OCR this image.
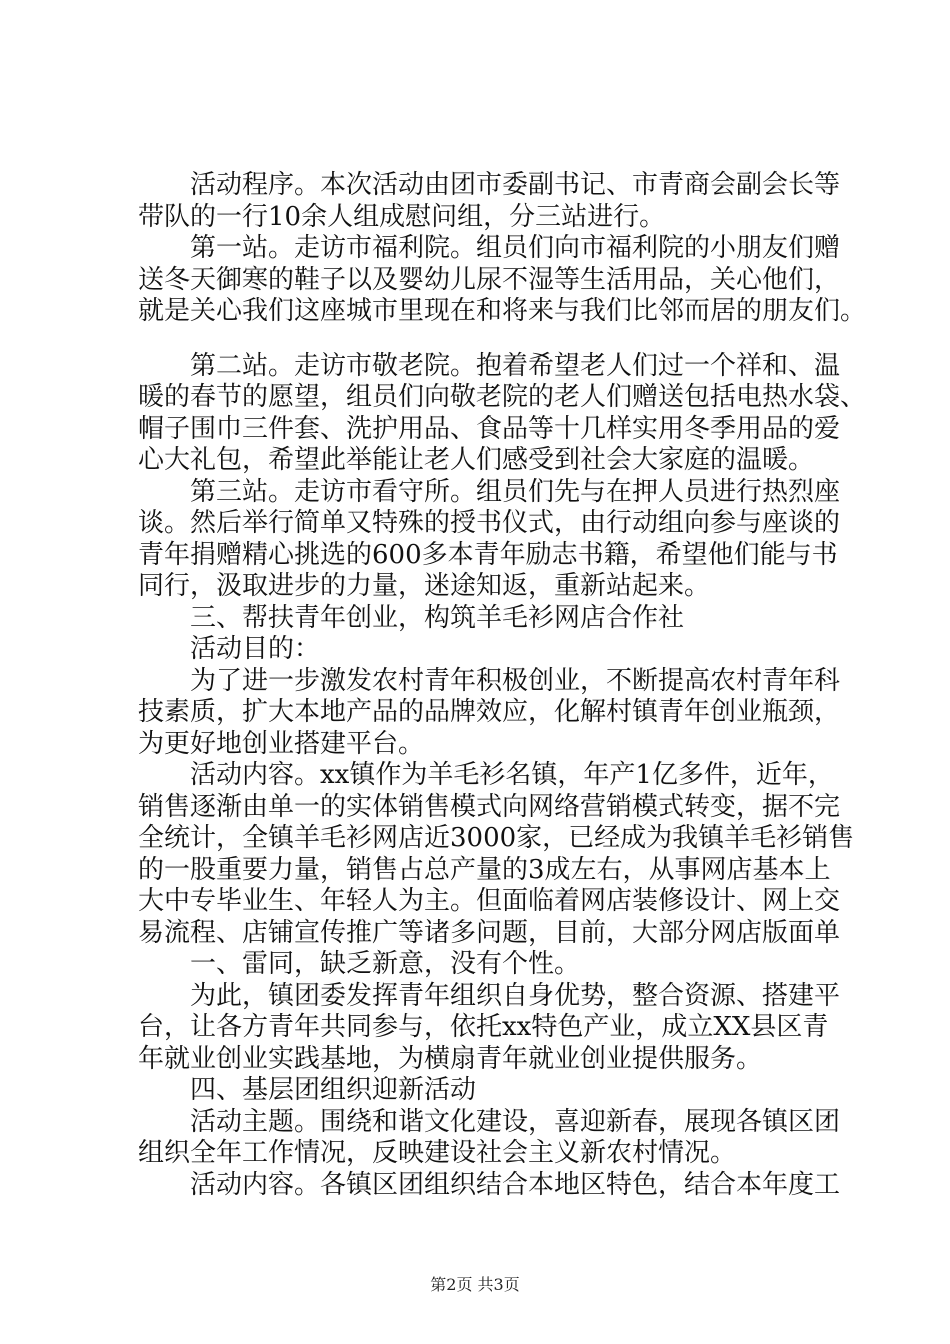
　　活动程序。本次活动由团市委副书记、市青商会副会长等
带队的一行10余人组成慰问组，分三站进行。
　　第一站。走访市福利院。组员们向市福利院的小朋友们赠
送冬天御寒的鞋子以及婴幼儿尿不湿等生活用品，关心他们，
就是关心我们这座城市里现在和将来与我们比邻而居的朋友们。
　　第二站。走访市敬老院。抱着希望老人们过一个祥和、温
暖的春节的愿望，组员们向敬老院的老人们赠送包括电热水袋、
帽子围巾三件套、洗护用品、食品等十几样实用冬季用品的爱
心大礼包，希望此举能让老人们感受到社会大家庭的温暖。
　　第三站。走访市看守所。组员们先与在押人员进行热烈座
谈。然后举行简单又特殊的授书仪式，由行动组向参与座谈的
青年捐赠精心挑选的600多本青年励志书籍，希望他们能与书
同行，汲取进步的力量，迷途知返，重新站起来。
　　三、帮扶青年创业，构筑羊毛衫网店合作社
　　活动目的：
　　为了进一步激发农村青年积极创业，不断提高农村青年科
技素质，扩大本地产品的品牌效应，化解村镇青年创业瓶颈，
为更好地创业搭建平台。
　　活动内容。xx镇作为羊毛衫名镇，年产1亿多件，近年，
销售逐渐由单一的实体销售模式向网络营销模式转变，据不完
全统计，全镇羊毛衫网店近3000家，已经成为我镇羊毛衫销售
的一股重要力量，销售占总产量的3成左右，从事网店基本上
大中专毕业生、年轻人为主。但面临着网店装修设计、网上交
易流程、店铺宣传推广等诸多问题，目前，大部分网店版面单
　　一、雷同，缺乏新意，没有个性。
　　为此，镇团委发挥青年组织自身优势，整合资源、搭建平
台，让各方青年共同参与，依托xx特色产业，成立XX县区青
年就业创业实践基地，为横扇青年就业创业提供服务。
　　四、基层团组织迎新活动
　　活动主题。围绕和谐文化建设，喜迎新春，展现各镇区团
组织全年工作情况，反映建设社会主义新农村情况。
　　活动内容。各镇区团组织结合本地区特色，结合本年度工
第2页 共3页
